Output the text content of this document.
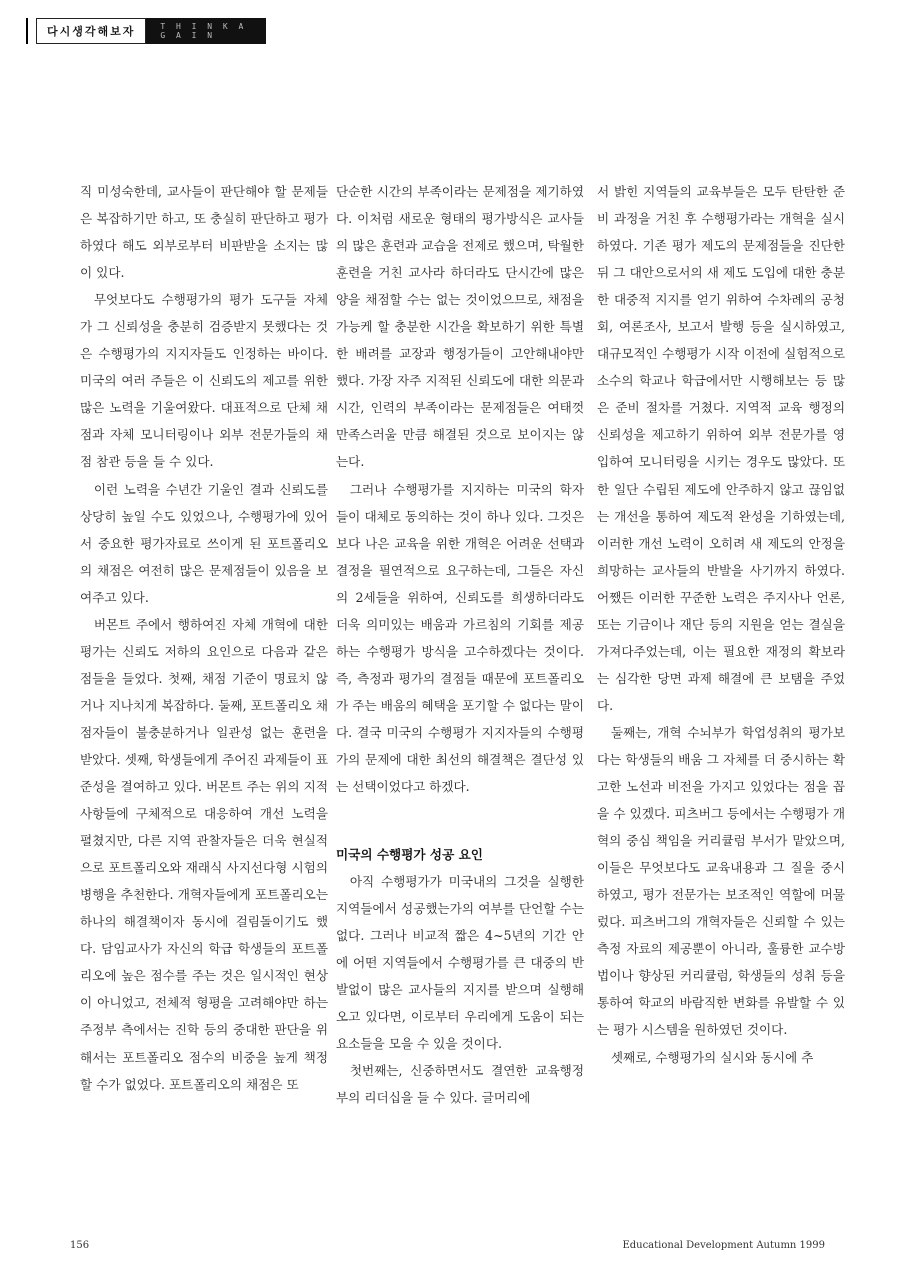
다시생각해보자	T H I N K A G A I N

직 미성숙한데, 교사들이 판단해야 할 문제들은 복잡하기만 하고, 또 충실히 판단하고 평가하였다 해도 외부로부터 비판받을 소지는 많이 있다.

무엇보다도 수행평가의 평가 도구들 자체가 그 신뢰성을 충분히 검증받지 못했다는 것은 수행평가의 지지자들도 인정하는 바이다. 미국의 여러 주들은 이 신뢰도의 제고를 위한 많은 노력을 기울여왔다. 대표적으로 단체 채점과 자체 모니터링이나 외부 전문가들의 채점 참관 등을 들 수 있다.

이런 노력을 수년간 기울인 결과 신뢰도를 상당히 높일 수도 있었으나, 수행평가에 있어서 중요한 평가자료로 쓰이게 된 포트폴리오의 채점은 여전히 많은 문제점들이 있음을 보여주고 있다.

버몬트 주에서 행하여진 자체 개혁에 대한 평가는 신뢰도 저하의 요인으로 다음과 같은 점들을 들었다. 첫째, 채점 기준이 명료치 않거나 지나치게 복잡하다. 둘째, 포트폴리오 채점자들이 불충분하거나 일관성 없는 훈련을 받았다. 셋째, 학생들에게 주어진 과제들이 표준성을 결여하고 있다. 버몬트 주는 위의 지적 사항들에 구체적으로 대응하여 개선 노력을 펼쳤지만, 다른 지역 관찰자들은 더욱 현실적으로 포트폴리오와 재래식 사지선다형 시험의 병행을 추천한다. 개혁자들에게 포트폴리오는 하나의 해결책이자 동시에 걸림돌이기도 했다. 담임교사가 자신의 학급 학생들의 포트폴리오에 높은 점수를 주는 것은 일시적인 현상이 아니었고, 전체적 형평을 고려해야만 하는 주정부 측에서는 진학 등의 중대한 판단을 위해서는 포트폴리오 점수의 비중을 높게 책정할 수가 없었다. 포트폴리오의 채점은 또

단순한 시간의 부족이라는 문제점을 제기하였다. 이처럼 새로운 형태의 평가방식은 교사들의 많은 훈련과 교습을 전제로 했으며, 탁월한 훈련을 거친 교사라 하더라도 단시간에 많은 양을 채점할 수는 없는 것이었으므로, 채점을 가능케 할 충분한 시간을 확보하기 위한 특별한 배려를 교장과 행정가들이 고안해내야만 했다. 가장 자주 지적된 신뢰도에 대한 의문과 시간, 인력의 부족이라는 문제점들은 여태껏 만족스러울 만큼 해결된 것으로 보이지는 않는다.

그러나 수행평가를 지지하는 미국의 학자들이 대체로 동의하는 것이 하나 있다. 그것은 보다 나은 교육을 위한 개혁은 어려운 선택과 결정을 필연적으로 요구하는데, 그들은 자신의 2세들을 위하여, 신뢰도를 희생하더라도 더욱 의미있는 배움과 가르침의 기회를 제공하는 수행평가 방식을 고수하겠다는 것이다. 즉, 측정과 평가의 결점들 때문에 포트폴리오가 주는 배움의 혜택을 포기할 수 없다는 말이다. 결국 미국의 수행평가 지지자들의 수행평가의 문제에 대한 최선의 해결책은 결단성 있는 선택이었다고 하겠다.

미국의 수행평가 성공 요인

아직 수행평가가 미국내의 그것을 실행한 지역들에서 성공했는가의 여부를 단언할 수는 없다. 그러나 비교적 짧은 4~5년의 기간 안에 어떤 지역들에서 수행평가를 큰 대중의 반발없이 많은 교사들의 지지를 받으며 실행해오고 있다면, 이로부터 우리에게 도움이 되는 요소들을 모을 수 있을 것이다.

첫번째는, 신중하면서도 결연한 교육행정부의 리더십을 들 수 있다. 글머리에

서 밝힌 지역들의 교육부들은 모두 탄탄한 준비 과정을 거친 후 수행평가라는 개혁을 실시하였다. 기존 평가 제도의 문제점들을 진단한 뒤 그 대안으로서의 새 제도 도입에 대한 충분한 대중적 지지를 얻기 위하여 수차례의 공청회, 여론조사, 보고서 발행 등을 실시하였고, 대규모적인 수행평가 시작 이전에 실험적으로 소수의 학교나 학급에서만 시행해보는 등 많은 준비 절차를 거쳤다. 지역적 교육 행정의 신뢰성을 제고하기 위하여 외부 전문가를 영입하여 모니터링을 시키는 경우도 많았다. 또한 일단 수립된 제도에 안주하지 않고 끊임없는 개선을 통하여 제도적 완성을 기하였는데, 이러한 개선 노력이 오히려 새 제도의 안정을 희망하는 교사들의 반발을 사기까지 하였다. 어쨌든 이러한 꾸준한 노력은 주지사나 언론, 또는 기금이나 재단 등의 지원을 얻는 결실을 가져다주었는데, 이는 필요한 재정의 확보라는 심각한 당면 과제 해결에 큰 보탬을 주었다.

둘째는, 개혁 수뇌부가 학업성취의 평가보다는 학생들의 배움 그 자체를 더 중시하는 확고한 노선과 비전을 가지고 있었다는 점을 꼽을 수 있겠다. 피츠버그 등에서는 수행평가 개혁의 중심 책임을 커리큘럼 부서가 맡았으며, 이들은 무엇보다도 교육내용과 그 질을 중시하였고, 평가 전문가는 보조적인 역할에 머물렀다. 피츠버그의 개혁자들은 신뢰할 수 있는 측정 자료의 제공뿐이 아니라, 훌륭한 교수방법이나 향상된 커리큘럼, 학생들의 성취 등을 통하여 학교의 바람직한 변화를 유발할 수 있는 평가 시스템을 원하였던 것이다.

셋째로, 수행평가의 실시와 동시에 추

156	Educational Development Autumn 1999
